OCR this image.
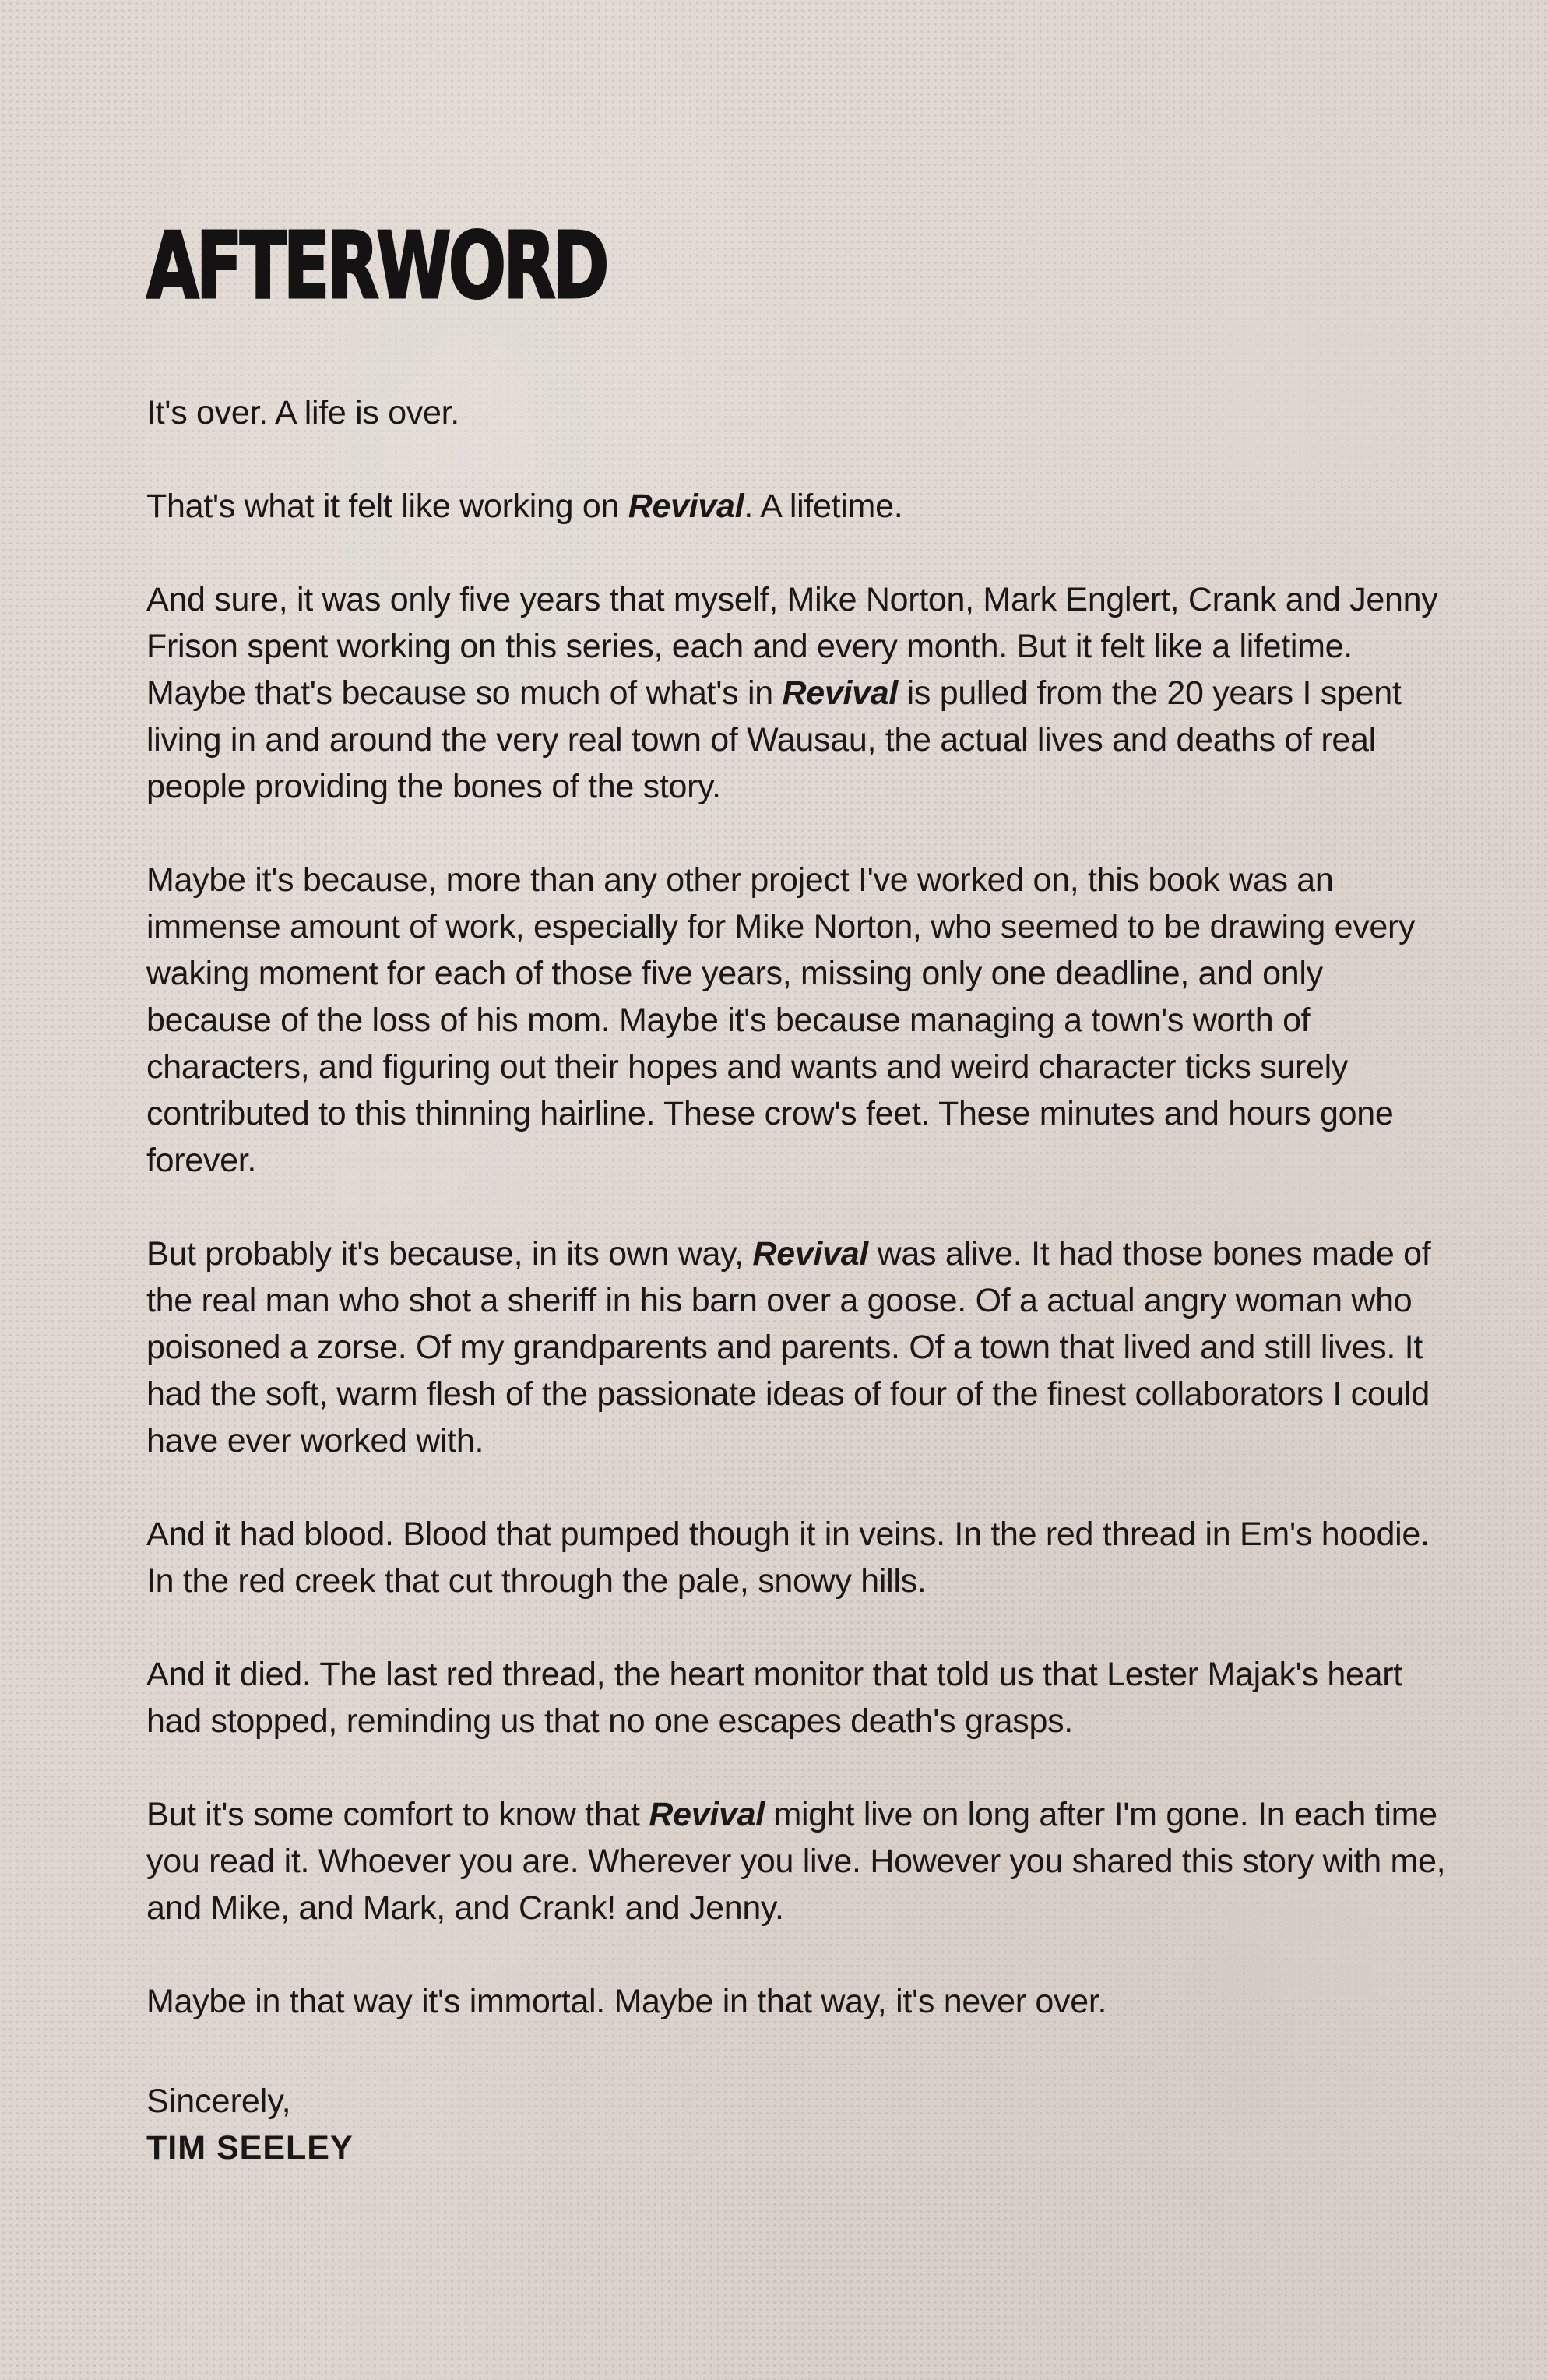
AFTERWORD

It's over. A life is over.

That's what it felt like working on Revival. A lifetime.

And sure, it was only five years that myself, Mike Norton, Mark Englert, Crank and Jenny Frison spent working on this series, each and every month. But it felt like a lifetime. Maybe that's because so much of what's in Revival is pulled from the 20 years I spent living in and around the very real town of Wausau, the actual lives and deaths of real people providing the bones of the story.

Maybe it's because, more than any other project I've worked on, this book was an immense amount of work, especially for Mike Norton, who seemed to be drawing every waking moment for each of those five years, missing only one deadline, and only because of the loss of his mom. Maybe it's because managing a town's worth of characters, and figuring out their hopes and wants and weird character ticks surely contributed to this thinning hairline. These crow's feet. These minutes and hours gone forever.

But probably it's because, in its own way, Revival was alive. It had those bones made of the real man who shot a sheriff in his barn over a goose. Of a actual angry woman who poisoned a zorse. Of my grandparents and parents. Of a town that lived and still lives. It had the soft, warm flesh of the passionate ideas of four of the finest collaborators I could have ever worked with.

And it had blood. Blood that pumped though it in veins. In the red thread in Em's hoodie. In the red creek that cut through the pale, snowy hills.

And it died. The last red thread, the heart monitor that told us that Lester Majak's heart had stopped, reminding us that no one escapes death's grasps.

But it's some comfort to know that Revival might live on long after I'm gone. In each time you read it. Whoever you are. Wherever you live. However you shared this story with me, and Mike, and Mark, and Crank! and Jenny.

Maybe in that way it's immortal. Maybe in that way, it's never over.

Sincerely,
TIM SEELEY
